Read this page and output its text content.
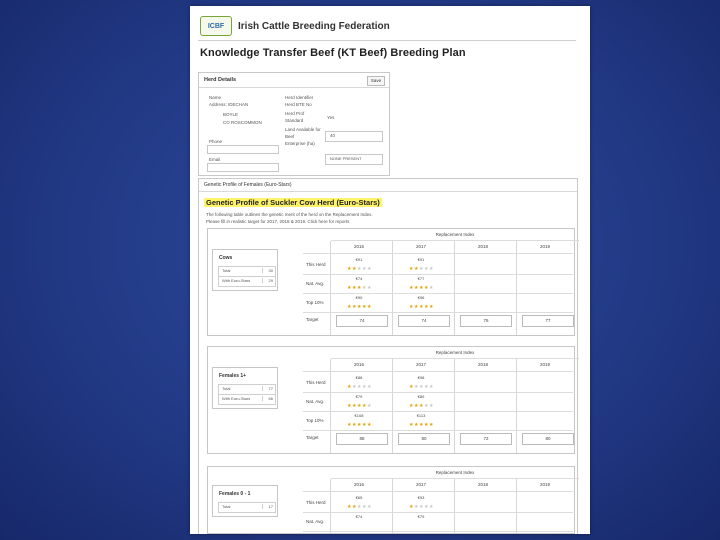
ICBF Irish Cattle Breeding Federation
Knowledge Transfer Beef (KT Beef) Breeding Plan
Herd Details	Save
Name
Address: IDECHAN
BOYLE
CO ROSCOMMON
Herd Identifier
Herd BTE No
Herd Prof
Standard
Yes
Land Available for
Beef
Enterprise (ha)
40
Phone
Email	NONE PRESENT
Genetic Profile of Females (Euro-Stars)
Genetic Profile of Suckler Cow Herd (Euro-Stars)
The following table outlines the genetic merit of the herd on the Replacement Index.
Please fill in realistic target for 2017, 2018 & 2019. Click here for reports
Replacement Index
2016	2017	2018	2019
This Herd
€91	€91
★★★★★	★★★★★
Nat. Avg.
€74	€77
★★★★★	★★★★★
Top 10%
€90	€96
★★★★★	★★★★★
Target	74	74	76	77
Cows
Total	30
With Euro-Stars	29
Replacement Index
2016	2017	2018	2019
This Herd
€88	€98
★★★★★	★★★★★
Nat. Avg.
€79	€89
★★★★★	★★★★★
Top 10%
€108	€113
★★★★★	★★★★★
Target	88	80	72	80
Females 1+
Total	77
With Euro-Stars	66
Replacement Index
2016	2017	2018	2019
This Herd
€65	€93
★★★★★	★★★★★
Nat. Avg.
€74	€79
Females 0 - 1
Total	17
